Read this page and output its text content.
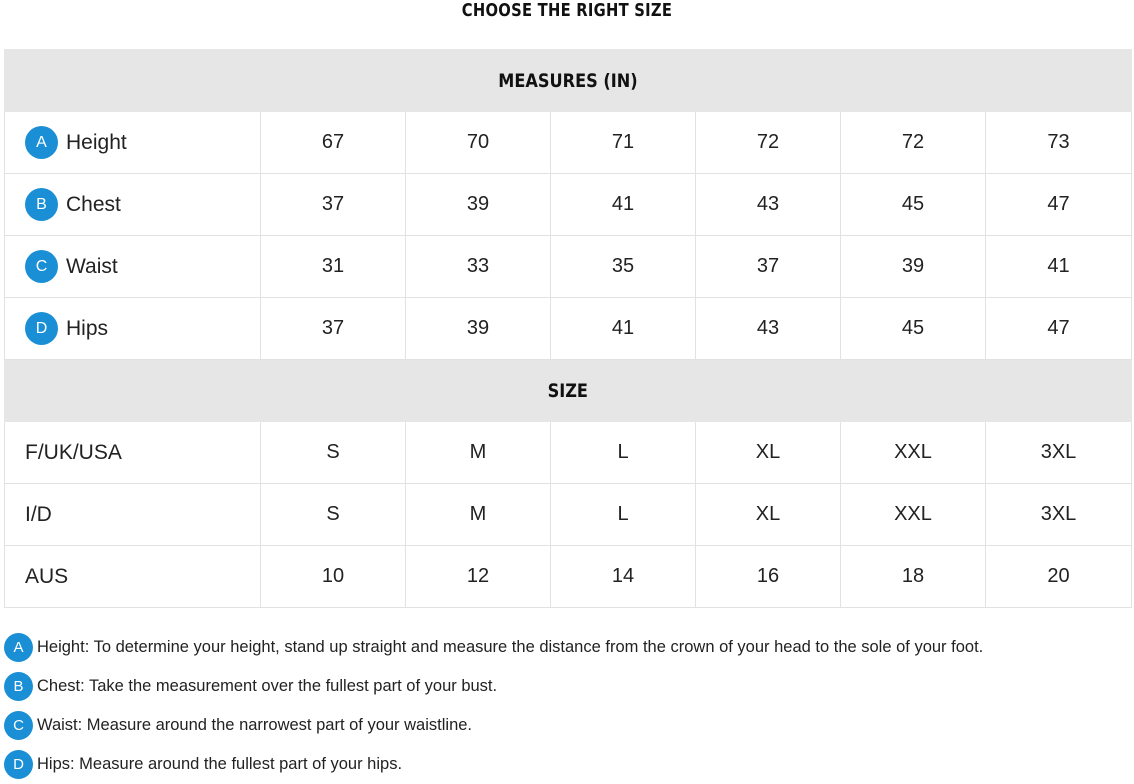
CHOOSE THE RIGHT SIZE
MEASURES (IN)						

A Height	67	70	71	72	72	73

B Chest	37	39	41	43	45	47

C Waist	31	33	35	37	39	41

D Hips	37	39	41	43	45	47
SIZE						
F/UK/USA	S	M	L	XL	XXL	3XL
I/D	S	M	L	XL	XXL	3XL
AUS	10	12	14	16	18	20
A Height: To determine your height, stand up straight and measure the distance from the crown of your head to the sole of your foot.
B Chest: Take the measurement over the fullest part of your bust.
C Waist: Measure around the narrowest part of your waistline.
D Hips: Measure around the fullest part of your hips.
